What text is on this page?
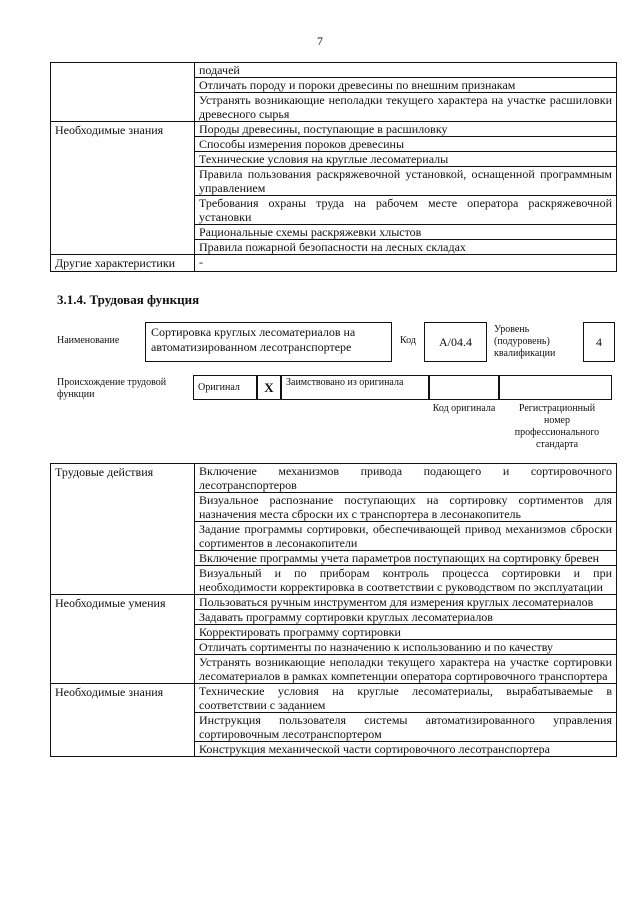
7
	подачей
	Отличать породу и пороки древесины по внешним признакам
	Устранять возникающие неполадки текущего характера на участке расшиловки древесного сырья
Необходимые знания	Породы древесины, поступающие в расшиловку
	Способы измерения пороков древесины
	Технические условия на круглые лесоматериалы
	Правила пользования раскряжевочной установкой, оснащенной программным управлением
	Требования охраны труда на рабочем месте оператора раскряжевочной установки
	Рациональные схемы раскряжевки хлыстов
	Правила пожарной безопасности на лесных складах
Другие характеристики	-
3.1.4. Трудовая функция
Наименование
Сортировка круглых лесоматериалов на автоматизированном лесотранспортере	Код	А/04.4
Уровень (подуровень) квалификации
4
Происхождение трудовой функции
Оригинал	X	Заимствовано из оригинала
Код оригинала	Регистрационный номер профессионального стандарта
Трудовые действия	Включение механизмов привода подающего и сортировочного лесотранспортеров
	Визуальное распознание поступающих на сортировку сортиментов для назначения места сброски их с транспортера в лесонакопитель
	Задание программы сортировки, обеспечивающей привод механизмов сброски сортиментов в лесонакопители
	Включение программы учета параметров поступающих на сортировку бревен
	Визуальный и по приборам контроль процесса сортировки и при необходимости корректировка в соответствии с руководством по эксплуатации
Необходимые умения	Пользоваться ручным инструментом для измерения круглых лесоматериалов
	Задавать программу сортировки круглых лесоматериалов
	Корректировать программу сортировки
	Отличать сортименты по назначению к использованию и по качеству
	Устранять возникающие неполадки текущего характера на участке сортировки лесоматериалов в рамках компетенции оператора сортировочного транспортера
Необходимые знания	Технические условия на круглые лесоматериалы, вырабатываемые в соответствии с заданием
	Инструкция пользователя системы автоматизированного управления сортировочным лесотранспортером
	Конструкция механической части сортировочного лесотранспортера
